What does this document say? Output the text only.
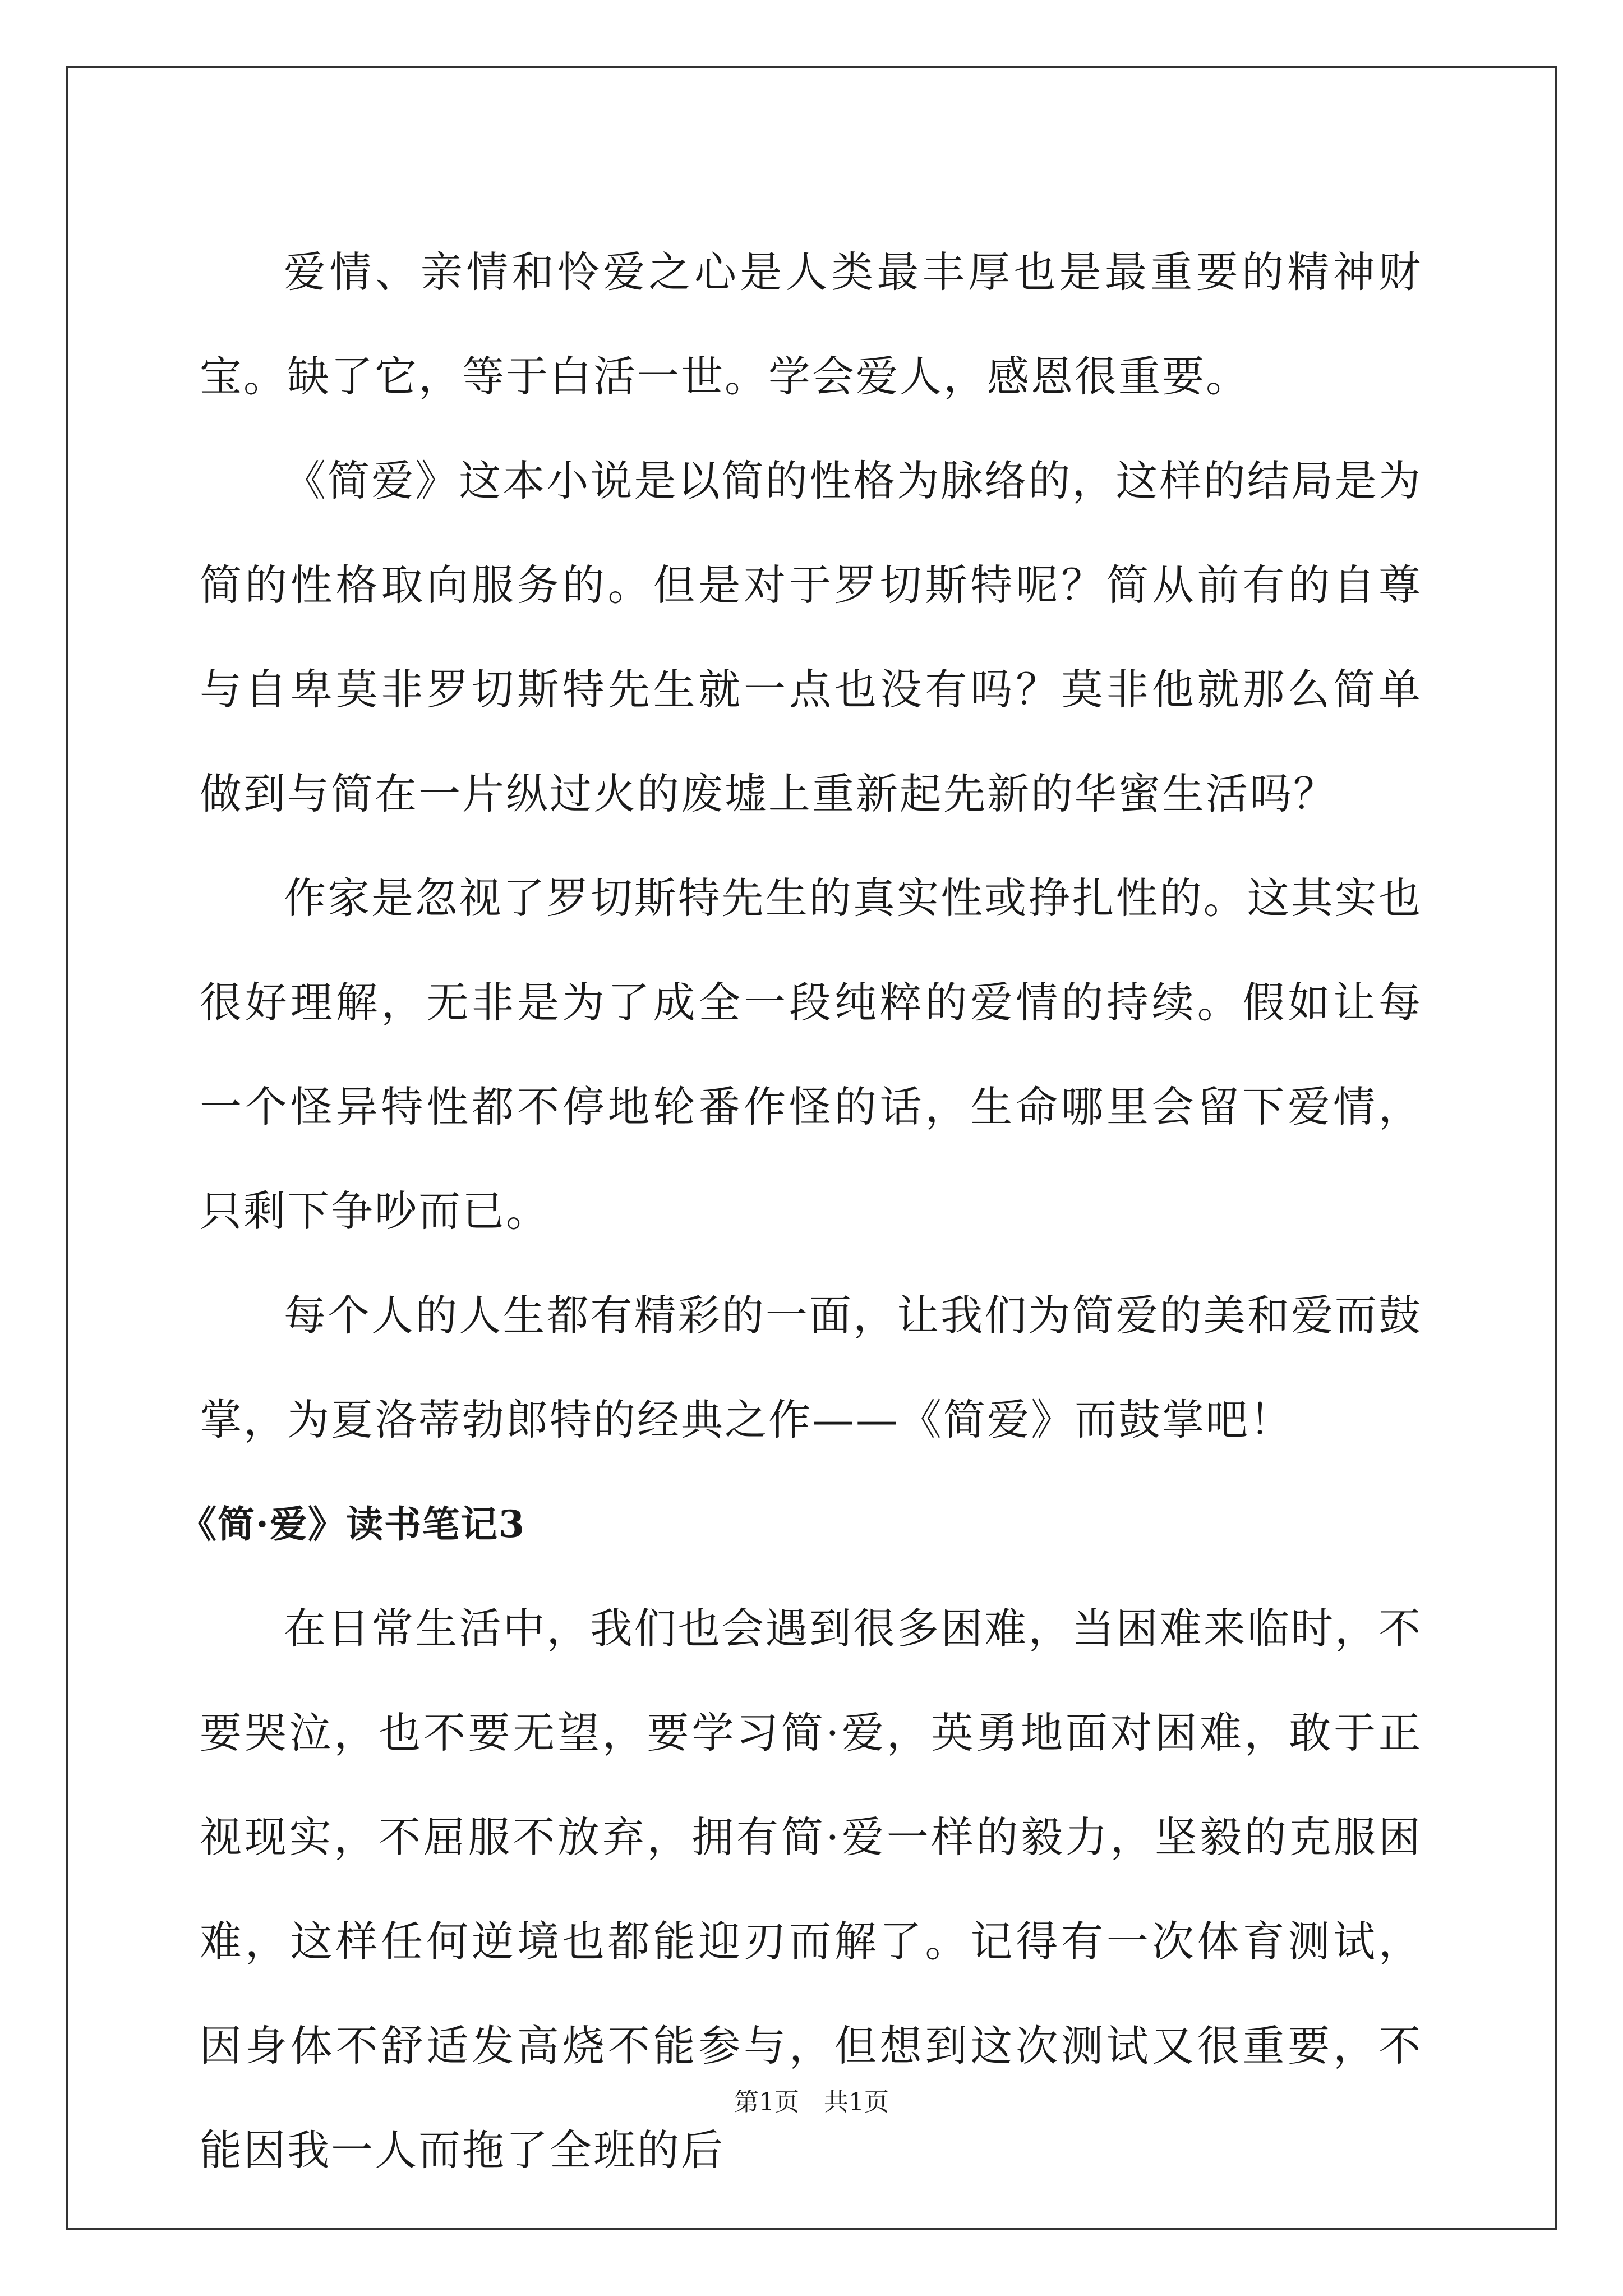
爱情、亲情和怜爱之心是人类最丰厚也是最重要的精神财宝。缺了它，等于白活一世。学会爱人，感恩很重要。

《简爱》这本小说是以简的性格为脉络的，这样的结局是为简的性格取向服务的。但是对于罗切斯特呢？简从前有的自尊与自卑莫非罗切斯特先生就一点也没有吗？莫非他就那么简单做到与简在一片纵过火的废墟上重新起先新的华蜜生活吗？

作家是忽视了罗切斯特先生的真实性或挣扎性的。这其实也很好理解，无非是为了成全一段纯粹的爱情的持续。假如让每一个怪异特性都不停地轮番作怪的话，生命哪里会留下爱情，只剩下争吵而已。

每个人的人生都有精彩的一面，让我们为简爱的美和爱而鼓掌，为夏洛蒂勃郎特的经典之作——《简爱》而鼓掌吧！

《简·爱》读书笔记3

在日常生活中，我们也会遇到很多困难，当困难来临时，不要哭泣，也不要无望，要学习简·爱，英勇地面对困难，敢于正视现实，不屈服不放弃，拥有简·爱一样的毅力，坚毅的克服困难，这样任何逆境也都能迎刃而解了。记得有一次体育测试，因身体不舒适发高烧不能参与，但想到这次测试又很重要，不能因我一人而拖了全班的后

第1页　共1页
